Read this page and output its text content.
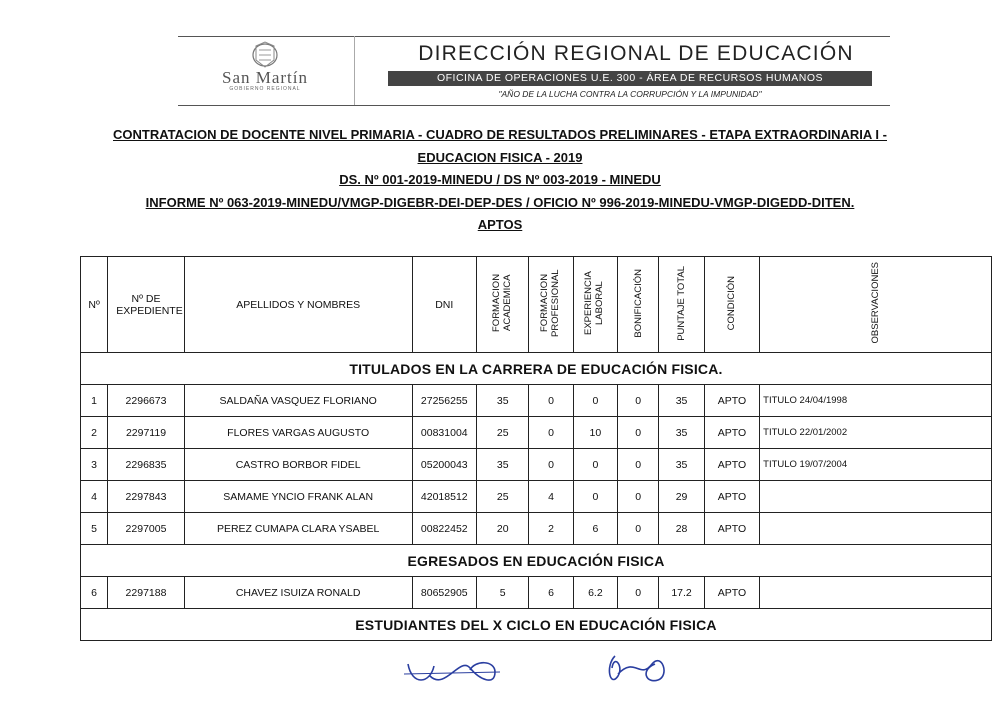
San Martín
GOBIERNO REGIONAL
DIRECCIÓN REGIONAL DE EDUCACIÓN
OFICINA DE OPERACIONES U.E. 300 - ÁREA DE RECURSOS HUMANOS
"AÑO DE LA LUCHA CONTRA LA CORRUPCIÓN Y LA IMPUNIDAD"
CONTRATACION DE DOCENTE NIVEL PRIMARIA - CUADRO DE RESULTADOS PRELIMINARES - ETAPA EXTRAORDINARIA I -
EDUCACION FISICA - 2019
DS. Nº 001-2019-MINEDU / DS Nº 003-2019 - MINEDU
INFORME Nº 063-2019-MINEDU/VMGP-DIGEBR-DEI-DEP-DES / OFICIO Nº 996-2019-MINEDU-VMGP-DIGEDD-DITEN.
APTOS
Nº	Nº DE EXPEDIENTE	APELLIDOS Y NOMBRES	DNI	FORMACION ACADEMICA	FORMACION PROFESIONAL	EXPERIENCIA LABORAL	BONIFICACIÓN	PUNTAJE TOTAL	CONDICIÓN	OBSERVACIONES
TITULADOS EN LA CARRERA DE EDUCACIÓN FISICA.										
1	2296673	SALDAÑA VASQUEZ FLORIANO	27256255	35	0	0	0	35	APTO	TITULO 24/04/1998
2	2297119	FLORES VARGAS AUGUSTO	00831004	25	0	10	0	35	APTO	TITULO 22/01/2002
3	2296835	CASTRO BORBOR FIDEL	05200043	35	0	0	0	35	APTO	TITULO 19/07/2004
4	2297843	SAMAME YNCIO FRANK ALAN	42018512	25	4	0	0	29	APTO	
5	2297005	PEREZ CUMAPA CLARA YSABEL	00822452	20	2	6	0	28	APTO	
EGRESADOS EN EDUCACIÓN FISICA										
6	2297188	CHAVEZ ISUIZA RONALD	80652905	5	6	6.2	0	17.2	APTO	
ESTUDIANTES DEL X CICLO EN EDUCACIÓN FISICA										
